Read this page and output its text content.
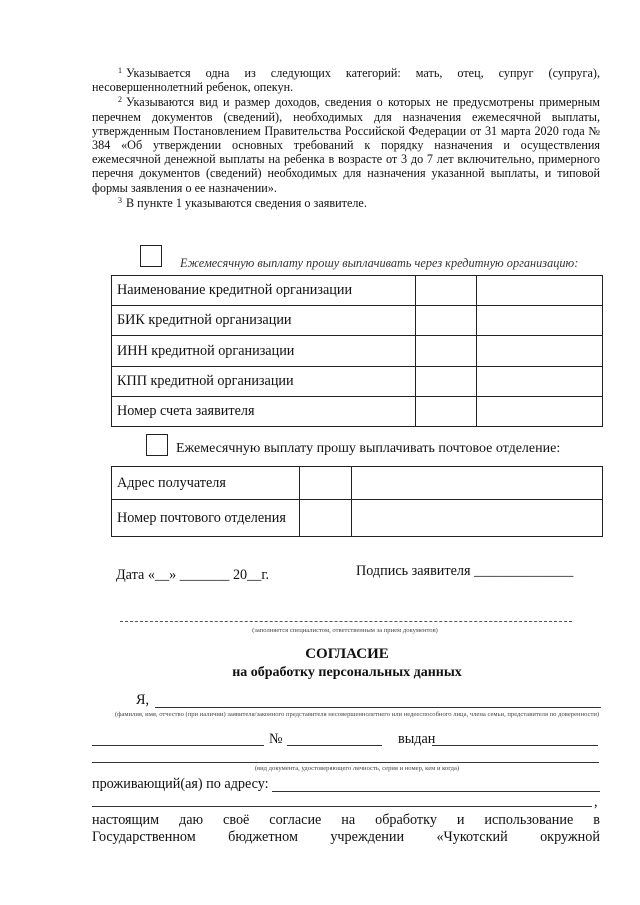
$^1$ Указывается одна из следующих категорий: мать, отец, супруг (супруга), несовершеннолетний ребенок, опекун.

$^2$ Указываются вид и размер доходов, сведения о которых не предусмотрены примерным перечнем документов (сведений), необходимых для назначения ежемесячной выплаты, утвержденным Постановлением Правительства Российской Федерации от 31 марта 2020 года № 384 «Об утверждении основных требований к порядку назначения и осуществления ежемесячной денежной выплаты на ребенка в возрасте от 3 до 7 лет включительно, примерного перечня документов (сведений) необходимых для назначения указанной выплаты, и типовой формы заявления о ее назначении».

$^3$ В пункте 1 указываются сведения о заявителе.

Ежемесячную выплату прошу выплачивать через кредитную организацию:
Наименование кредитной организации		
БИК кредитной организации		
ИНН кредитной организации		
КПП кредитной организации		
Номер счета заявителя		
Ежемесячную выплату прошу выплачивать почтовое отделение:
Адрес получателя		
Номер почтового отделения		
Дата «__» _______ 20__г.	Подпись заявителя ______________
(заполняется специалистом, ответственным за прием документов)
СОГЛАСИЕ
на обработку персональных данных
Я,
(фамилия, имя, отчество (при наличии) заявителя/законного представителя несовершеннолетнего или недееспособного лица, члена семьи, представителя по доверенности)
№	выдан
(вид документа, удостоверяющего личность, серия и номер, кем и когда)
проживающий(ая) по адресу:
,
настоящим даю своё согласие на обработку и использование в
Государственном бюджетном учреждении «Чукотский окружной
